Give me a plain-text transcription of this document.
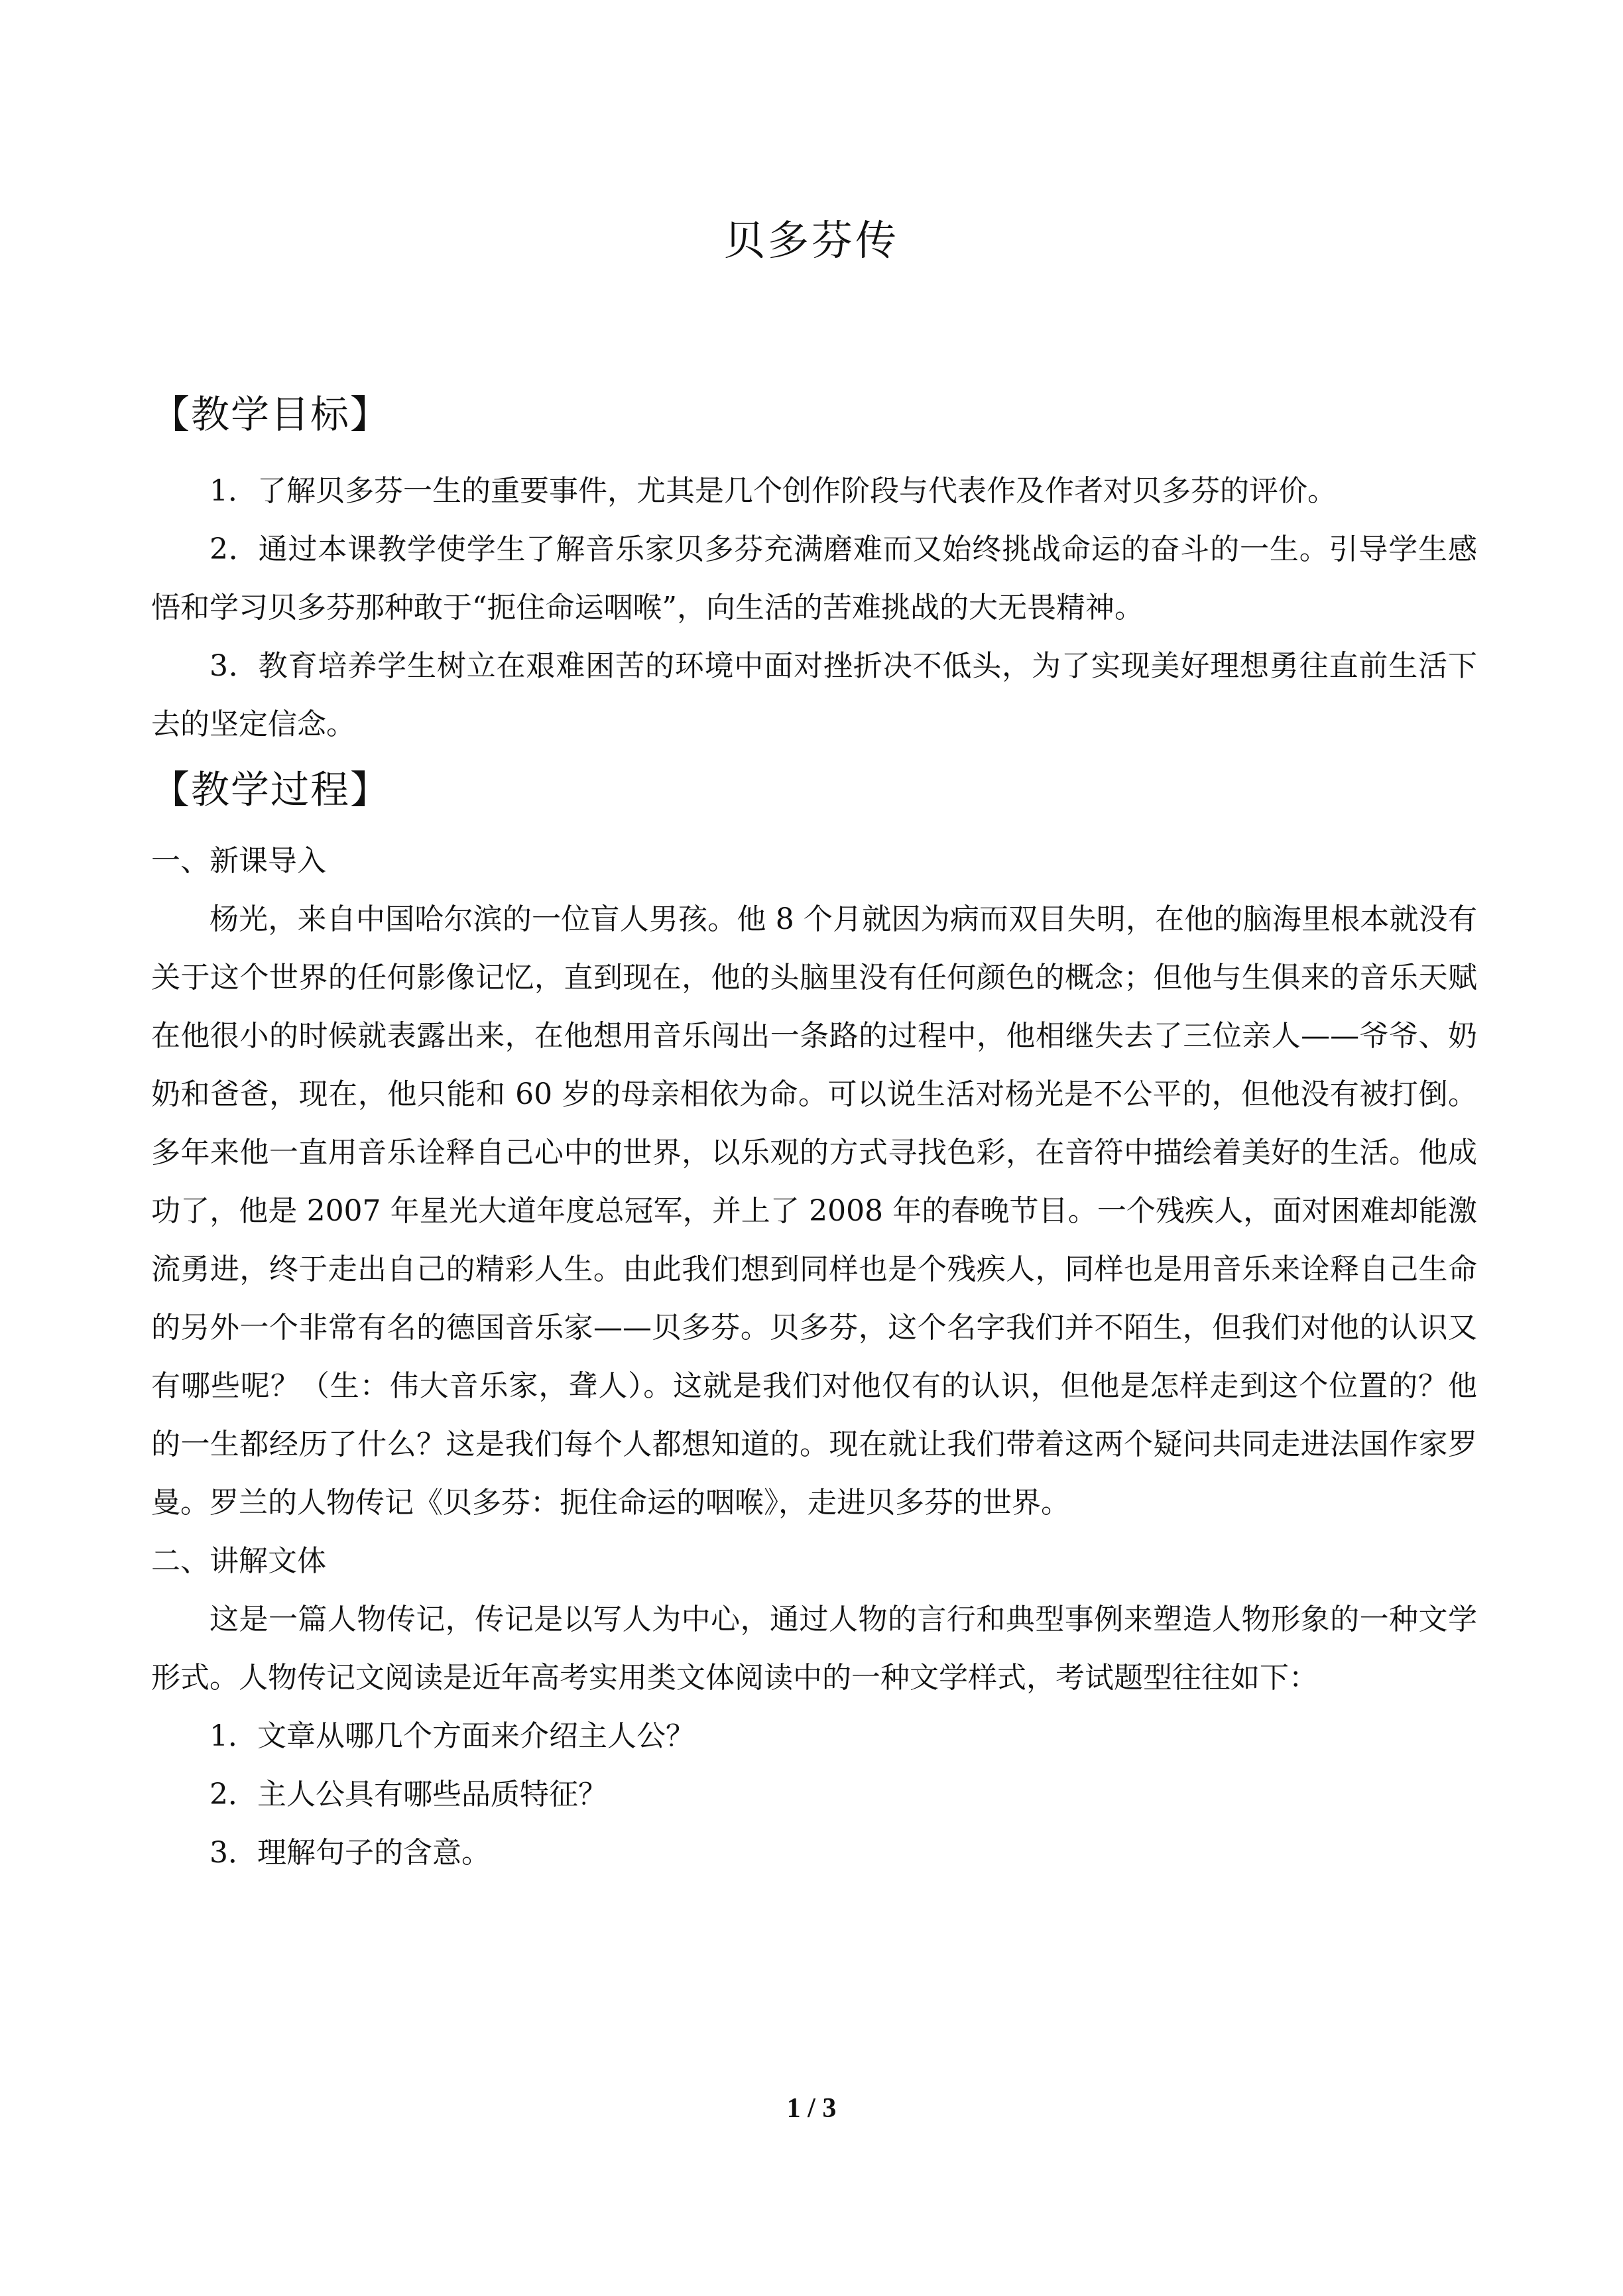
贝多芬传
【教学目标】

1．了解贝多芬一生的重要事件，尤其是几个创作阶段与代表作及作者对贝多芬的评价。

2．通过本课教学使学生了解音乐家贝多芬充满磨难而又始终挑战命运的奋斗的一生。引导学生感悟和学习贝多芬那种敢于“扼住命运咽喉”，向生活的苦难挑战的大无畏精神。

3．教育培养学生树立在艰难困苦的环境中面对挫折决不低头，为了实现美好理想勇往直前生活下去的坚定信念。

【教学过程】

一、新课导入

杨光，来自中国哈尔滨的一位盲人男孩。他 8 个月就因为病而双目失明，在他的脑海里根本就没有关于这个世界的任何影像记忆，直到现在，他的头脑里没有任何颜色的概念；但他与生俱来的音乐天赋在他很小的时候就表露出来，在他想用音乐闯出一条路的过程中，他相继失去了三位亲人——爷爷、奶奶和爸爸，现在，他只能和 60 岁的母亲相依为命。可以说生活对杨光是不公平的，但他没有被打倒。多年来他一直用音乐诠释自己心中的世界，以乐观的方式寻找色彩，在音符中描绘着美好的生活。他成功了，他是 2007 年星光大道年度总冠军，并上了 2008 年的春晚节目。一个残疾人，面对困难却能激流勇进，终于走出自己的精彩人生。由此我们想到同样也是个残疾人，同样也是用音乐来诠释自己生命的另外一个非常有名的德国音乐家——贝多芬。贝多芬，这个名字我们并不陌生，但我们对他的认识又有哪些呢？（生：伟大音乐家，聋人）。这就是我们对他仅有的认识，但他是怎样走到这个位置的？他的一生都经历了什么？这是我们每个人都想知道的。现在就让我们带着这两个疑问共同走进法国作家罗曼。罗兰的人物传记《贝多芬：扼住命运的咽喉》，走进贝多芬的世界。

二、讲解文体

这是一篇人物传记，传记是以写人为中心，通过人物的言行和典型事例来塑造人物形象的一种文学形式。人物传记文阅读是近年高考实用类文体阅读中的一种文学样式，考试题型往往如下：

1．文章从哪几个方面来介绍主人公？

2．主人公具有哪些品质特征？

3．理解句子的含意。

1 / 3
